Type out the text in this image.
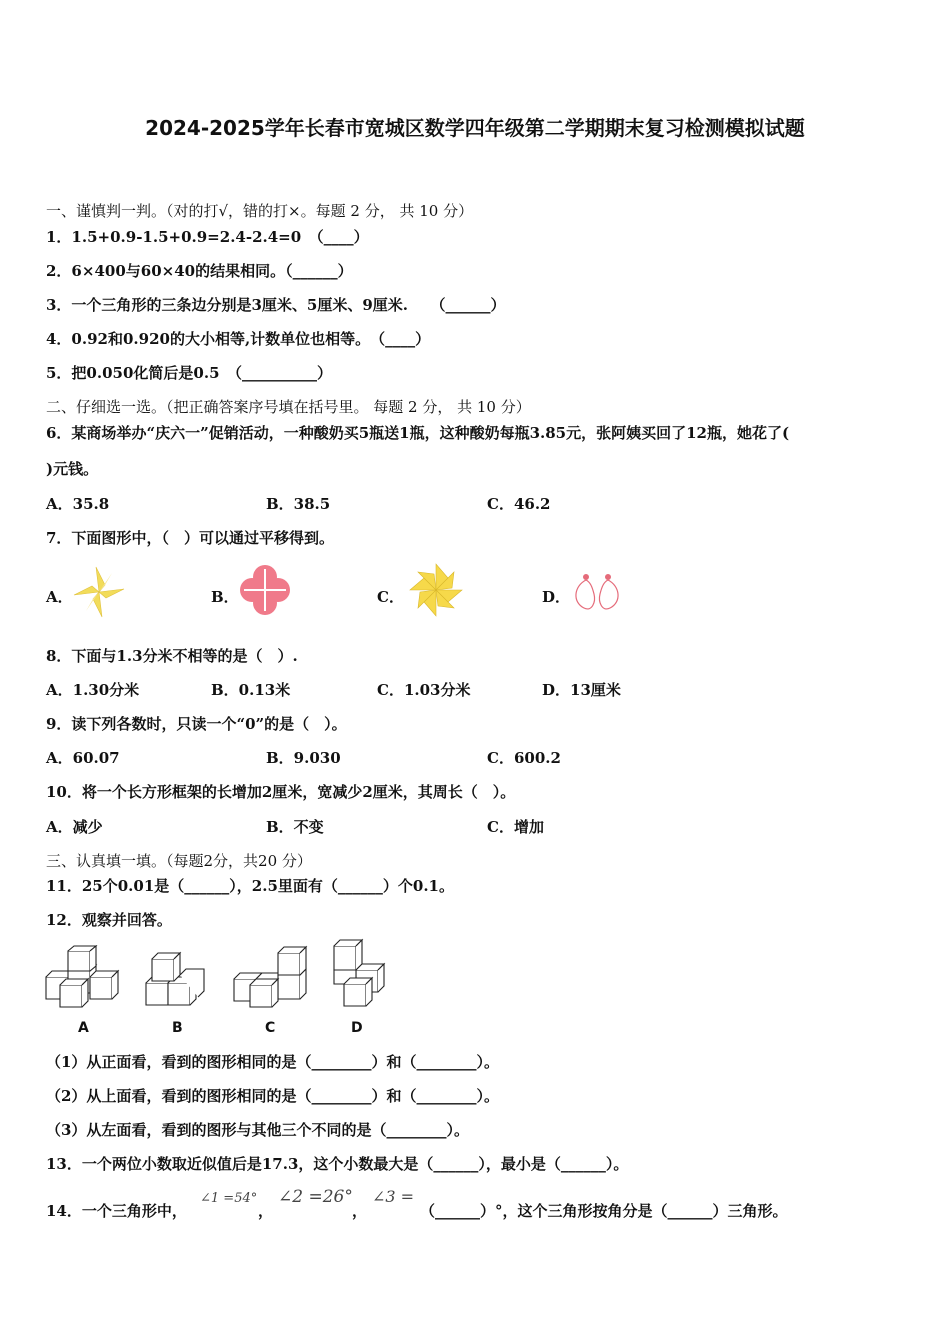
2024-2025学年长春市宽城区数学四年级第二学期期末复习检测模拟试题
一、谨慎判一判。（对的打√，错的打×。每题 2 分， 共 10 分）
1．1.5+0.9-1.5+0.9=2.4-2.4=0　（____）
2．6×400与60×40的结果相同。（______）
3．一个三角形的三条边分别是3厘米、5厘米、9厘米.　　（______）
4．0.92和0.920的大小相等,计数单位也相等。　（____）
5．把0.050化简后是0.5　（__________）
二、仔细选一选。（把正确答案序号填在括号里。 每题 2 分， 共 10 分）
6．某商场举办“庆六一”促销活动，一种酸奶买5瓶送1瓶，这种酸奶每瓶3.85元，张阿姨买回了12瓶，她花了(
)元钱。
A．35.8	B．38.5	C．46.2
7．下面图形中，（　）可以通过平移得到。
A．	B．	C．	D．
8．下面与1.3分米不相等的是（　）.
A．1.30分米	B．0.13米	C．1.03分米	D．13厘米
9．读下列各数时，只读一个“0”的是（　）。
A．60.07	B．9.030	C．600.2
10．将一个长方形框架的长增加2厘米，宽减少2厘米，其周长（　）。
A．减少	B．不变	C．增加
三、认真填一填。（每题2分，共20 分）
11．25个0.01是（______），2.5里面有（______）个0.1。
12．观察并回答。
A	B	C	D
（1）从正面看，看到的图形相同的是（________）和（________）。
（2）从上面看，看到的图形相同的是（________）和（________）。
（3）从左面看，看到的图形与其他三个不同的是（________）。
13．一个两位小数取近似值后是17.3，这个小数最大是（______），最小是（______）。
14．一个三角形中，
∠1 =54°
，
∠2 =26°
，
∠3 =
（______）°，这个三角形按角分是（______）三角形。
